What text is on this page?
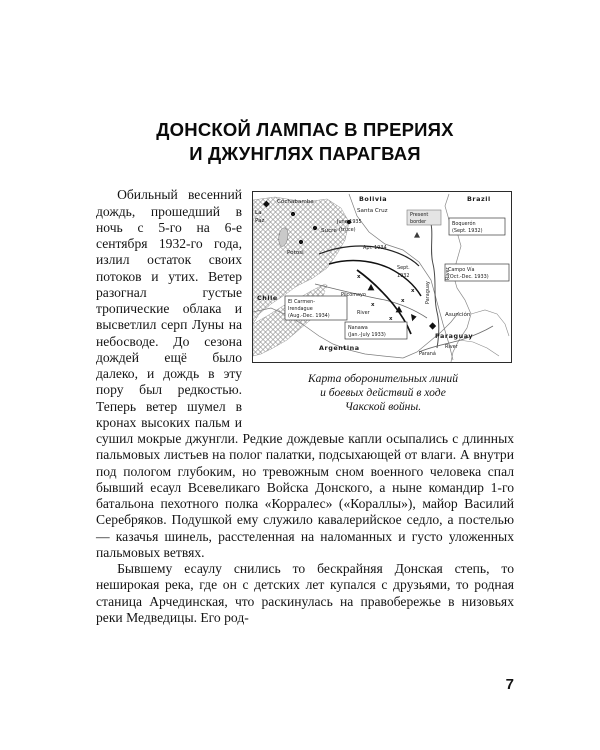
ДОНСКОЙ ЛАМПАС В ПРЕРИЯХ
И ДЖУНГЛЯХ ПАРАГВАЯ
x
x
x
x
x
Cochabamba
La
Paz
Sucre
Potosi
Santa Cruz
Asunción
Bolivia	Brazil
Chile
Argentina
Paraguay
June 1935
(truce)
Apr. 1934
Sept.
1932
Present
border	Boquerón
(Sept. 1932)
Campo Vía
(Oct.-Dec. 1933)
El Carmen-
Irendague
(Aug.-Dec. 1934)
Nanawa
(Jan.-July 1933)
Pilcomayo
River
Paraguay
River
Paraná
River
Карта оборонительных линий
и боевых действий в ходе
Чакской войны.

Обильный весенний дождь, прошедший в ночь с 5-го на 6-е сентября 1932-го года, излил остаток своих потоков и утих. Ветер разогнал густые тропические облака и высветлил серп Луны на небосводе. До сезона дождей ещё было далеко, и дождь в эту пору был редкостью. Теперь ветер шумел в кронах высоких пальм и сушил мокрые джунгли. Редкие дождевые капли осыпались с длинных пальмовых листьев на полог палатки, подсыхающей от влаги. А внутри под пологом глубоким, но тревожным сном военного человека спал бывший есаул Всевеликаго Войска Донского, а ныне командир 1-го батальона пехотного полка «Корралес» («Кораллы»), майор Василий Серебряков. Подушкой ему служило кавалерийское седло, а постелью — казачья шинель, расстеленная на наломанных и густо уложенных пальмовых ветвях.

Бывшему есаулу снились то бескрайняя Донская степь, то неширокая река, где он с детских лет купался с друзьями, то родная станица Арчединская, что раскинулась на правобережье в низовьях реки Медведицы. Его род-

7
